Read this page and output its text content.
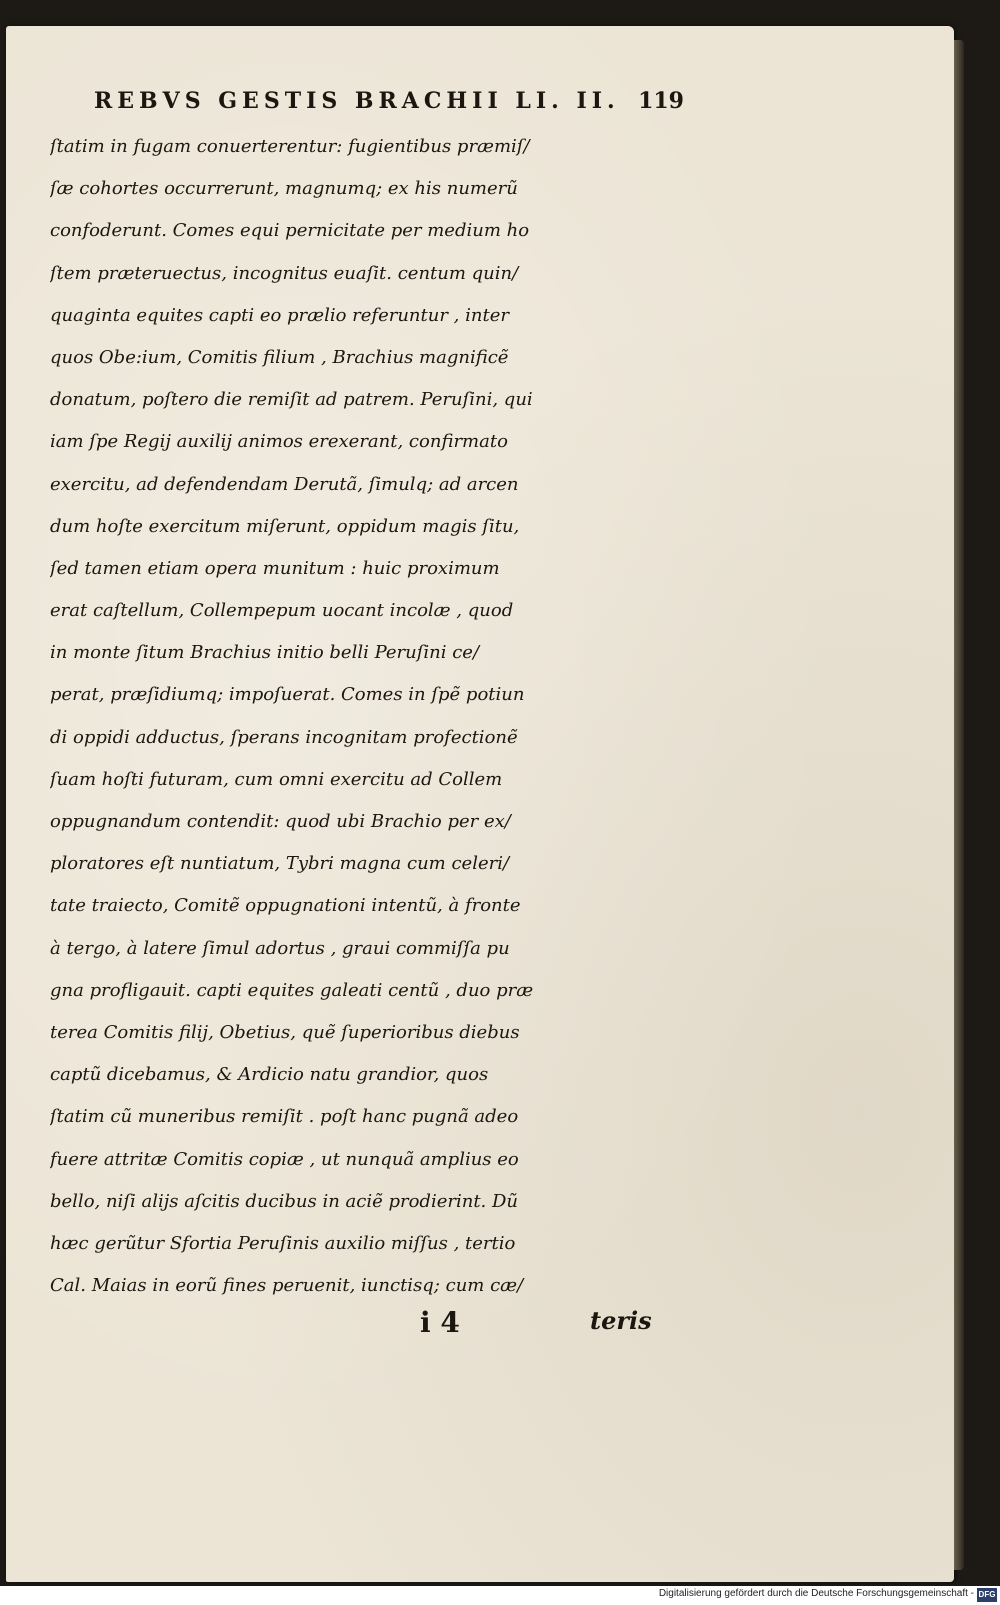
REBVS GESTIS BRACHII LI. II. 119
ſtatim in fugam conuerterentur: fugientibus præmiſ/
ſæ cohortes occurrerunt, magnumq; ex his numerũ
confoderunt. Comes equi pernicitate per medium ho
ſtem præteruectus, incognitus euaſit. centum quin/
quaginta equites capti eo prælio referuntur , inter
quos Obe:ium, Comitis filium , Brachius magnificẽ
donatum, poſtero die remiſit ad patrem. Peruſini, qui
iam ſpe Regij auxilij animos erexerant, confirmato
exercitu, ad defendendam Derutã, ſimulq; ad arcen
dum hoſte exercitum miſerunt, oppidum magis ſitu,
ſed tamen etiam opera munitum : huic proximum
erat caſtellum, Collempepum uocant incolæ , quod
in monte ſitum Brachius initio belli Peruſini ce/
perat, præſidiumq; impoſuerat. Comes in ſpẽ potiun
di oppidi adductus, ſperans incognitam profectionẽ
ſuam hoſti futuram, cum omni exercitu ad Collem
oppugnandum contendit: quod ubi Brachio per ex/
ploratores eſt nuntiatum, Tybri magna cum celeri/
tate traiecto, Comitẽ oppugnationi intentũ, à fronte
à tergo, à latere ſimul adortus , graui commiſſa pu
gna profligauit. capti equites galeati centũ , duo præ
terea Comitis filij, Obetius, quẽ ſuperioribus diebus
captũ dicebamus, & Ardicio natu grandior, quos
ſtatim cũ muneribus remiſit . poſt hanc pugnã adeo
fuere attritæ Comitis copiæ , ut nunquã amplius eo
bello, niſi aliјs aſcitis ducibus in aciẽ prodierint. Dũ
hæc gerũtur Sfortia Peruſinis auxilio miſſus , tertio
Cal. Maias in eorũ fines peruenit, iunctisq; cum cæ/
i 4	teris
Digitalisierung gefördert durch die Deutsche Forschungsgemeinschaft - DFG
